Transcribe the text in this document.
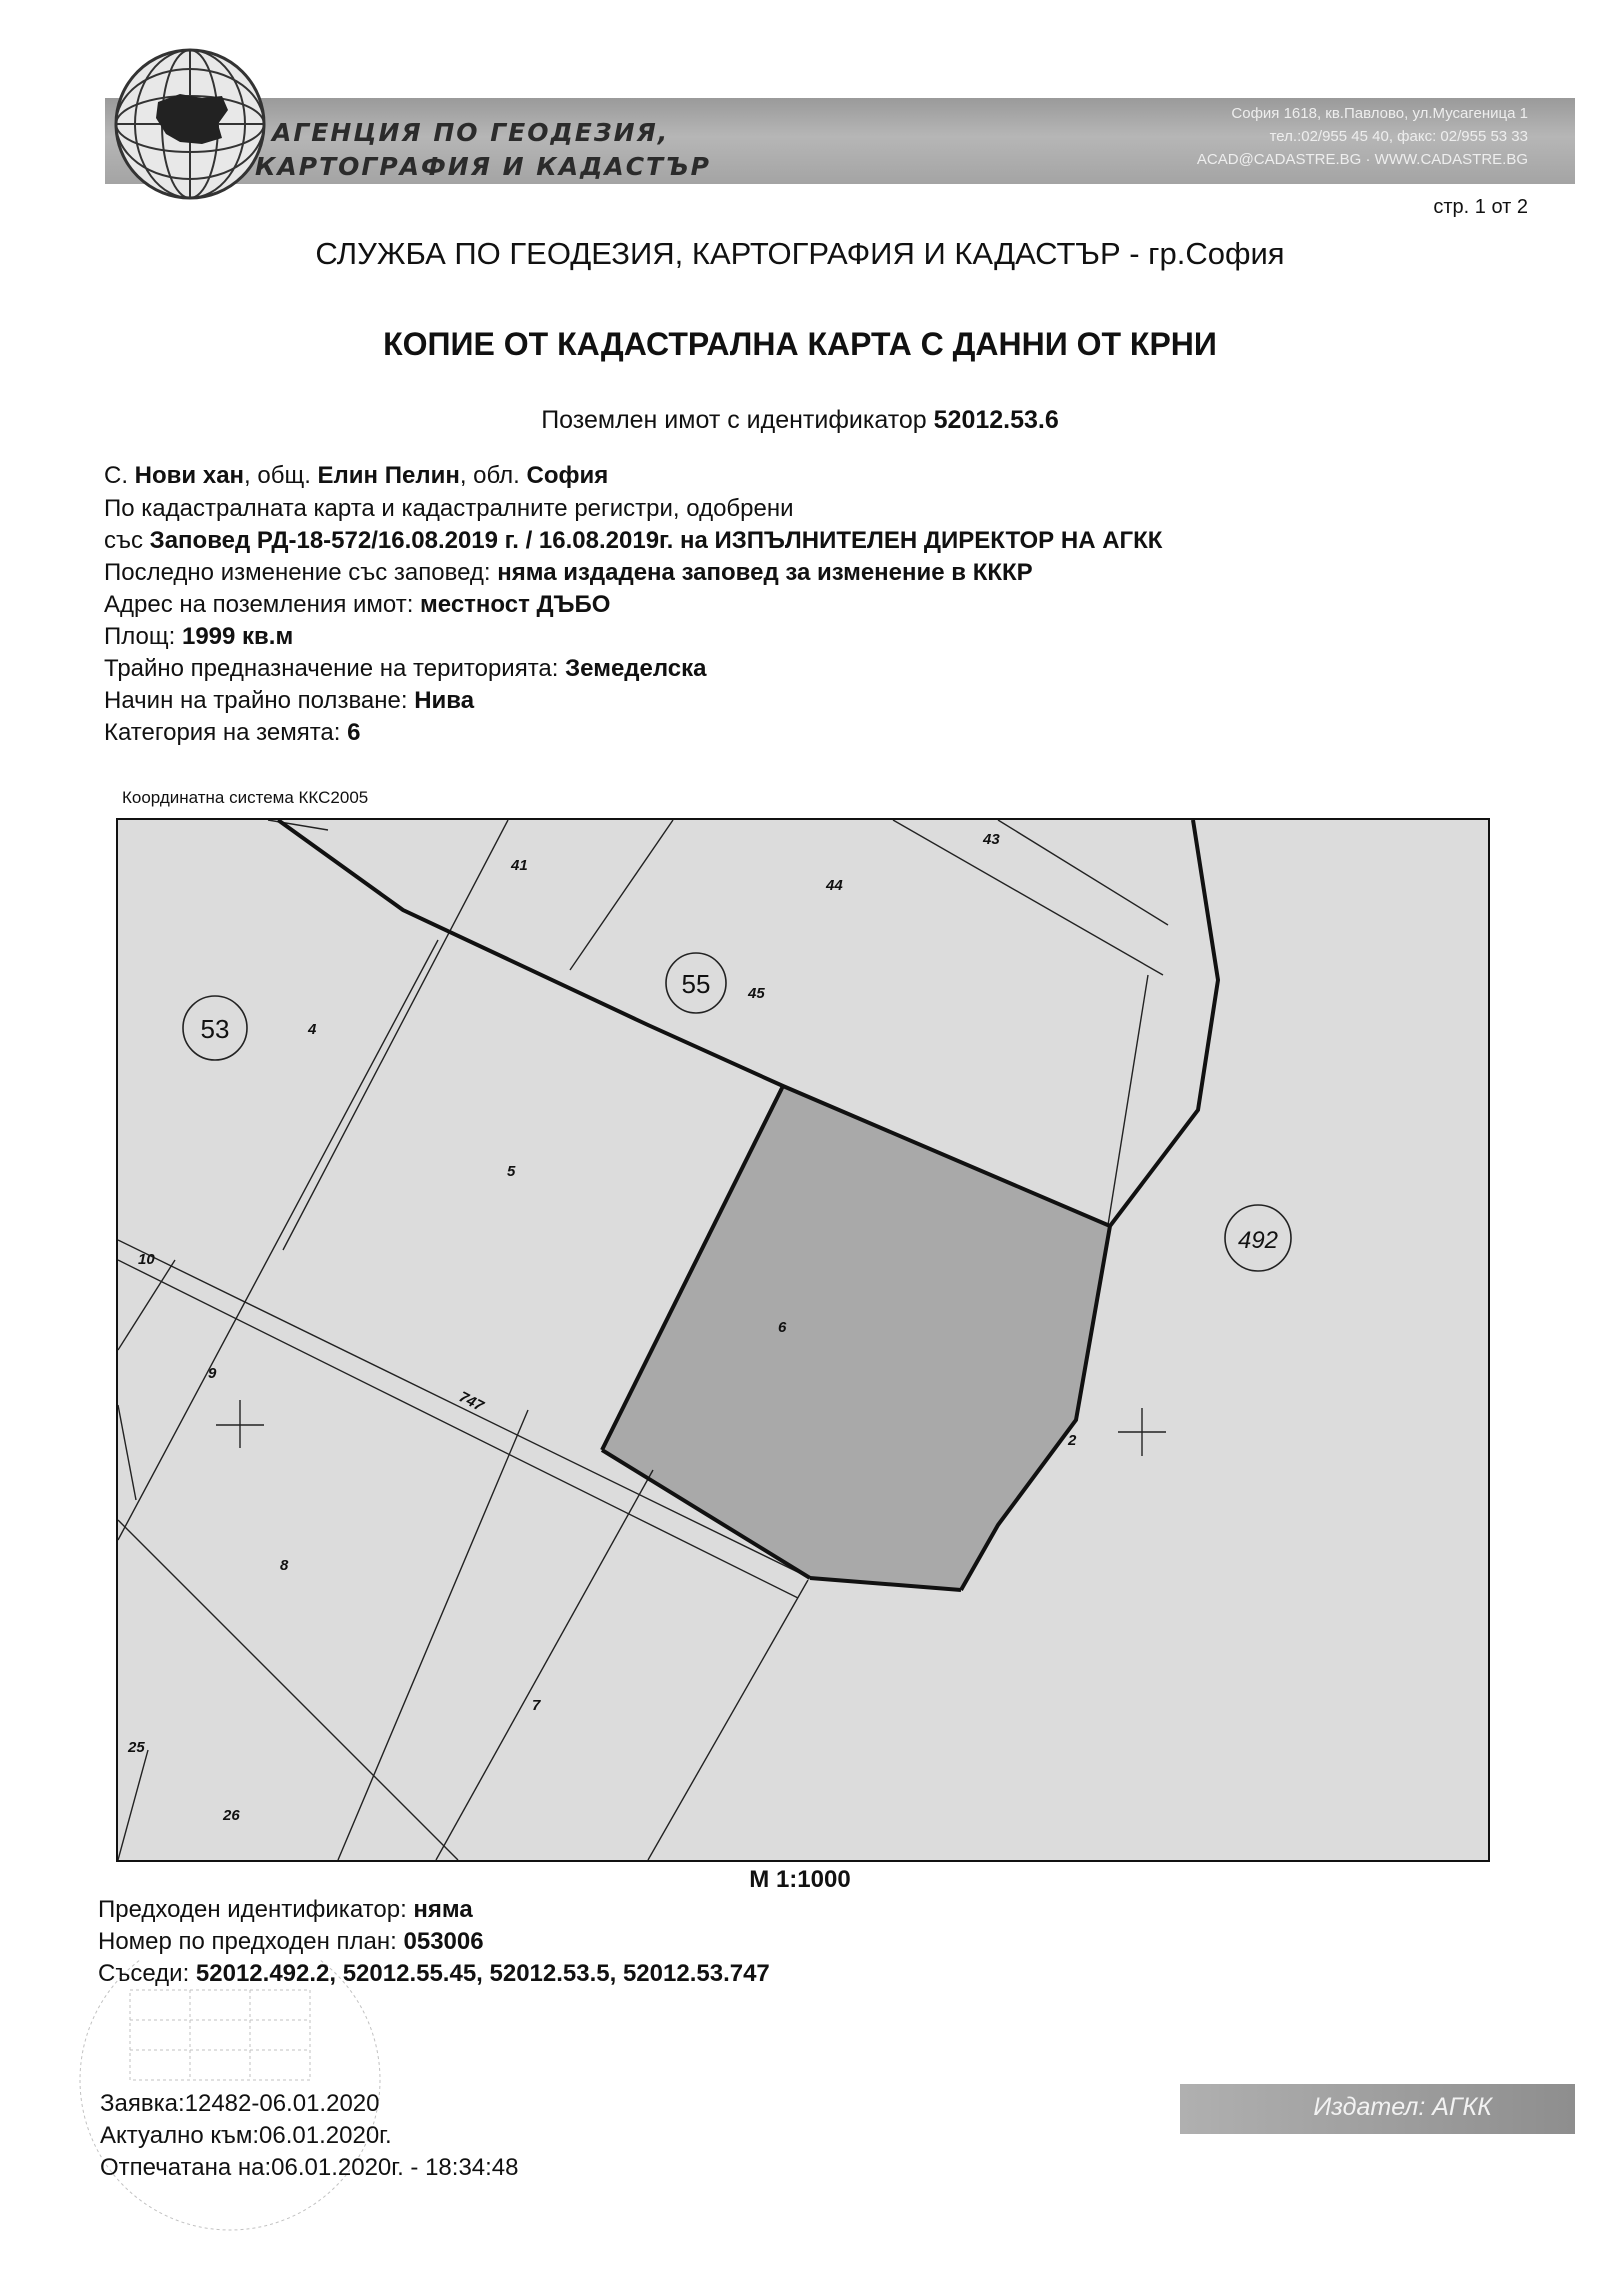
АГЕНЦИЯ ПО ГЕОДЕЗИЯ,
КАРТОГРАФИЯ И КАДАСТЪР
София 1618, кв.Павлово, ул.Мусагеница 1
тел.:02/955 45 40, факс: 02/955 53 33
ACAD@CADASTRE.BG · WWW.CADASTRE.BG
стр. 1 от 2
СЛУЖБА ПО ГЕОДЕЗИЯ, КАРТОГРАФИЯ И КАДАСТЪР - гр.София
КОПИЕ ОТ КАДАСТРАЛНА КАРТА С ДАННИ ОТ КРНИ
Поземлен имот с идентификатор 52012.53.6
С. Нови хан, общ. Елин Пелин, обл. София
По кадастралната карта и кадастралните регистри, одобрени
със Заповед РД-18-572/16.08.2019 г. / 16.08.2019г. на ИЗПЪЛНИТЕЛЕН ДИРЕКТОР НА АГКК
Последно изменение със заповед: няма издадена заповед за изменение в КККР
Адрес на поземления имот: местност ДЪБО
Площ: 1999 кв.м
Трайно предназначение на територията: Земеделска
Начин на трайно ползване: Нива
Категория на земята: 6
Координатна система ККС2005
53
55
492
41
44
43
45
4
5
6
10
9
747
8
7
2
25
26
М 1:1000
Предходен идентификатор: няма
Номер по предходен план: 053006
Съседи: 52012.492.2, 52012.55.45, 52012.53.5, 52012.53.747
Издател: АГКК
Заявка:12482-06.01.2020
Актуално към:06.01.2020г.
Отпечатана на:06.01.2020г. - 18:34:48
